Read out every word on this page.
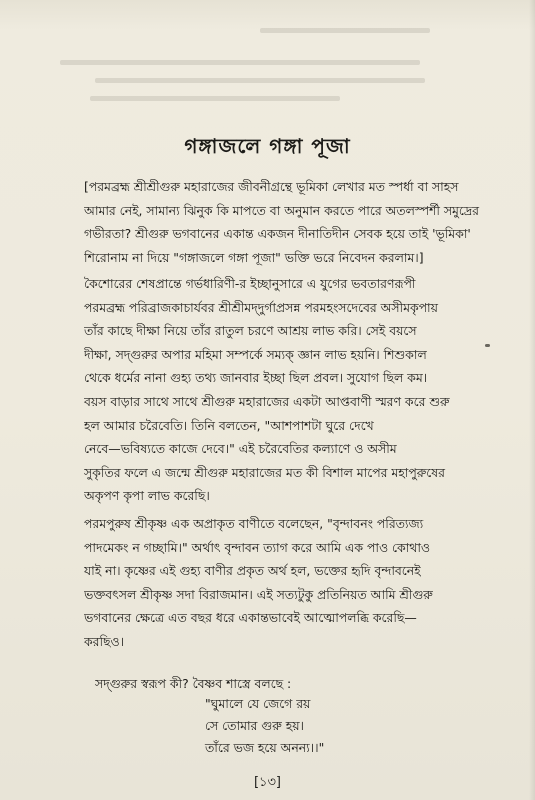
গঙ্গাজলে গঙ্গা পূজা
[পরমব্রহ্ম শ্রীশ্রীগুরু মহারাজের জীবনীগ্রন্থে ভূমিকা লেখার মত স্পর্ধা বা সাহস
আমার নেই, সামান্য ঝিনুক কি মাপতে বা অনুমান করতে পারে অতলস্পর্শী সমুদ্রের
গভীরতা? শ্রীগুরু ভগবানের একান্ত একজন দীনাতিদীন সেবক হয়ে তাই 'ভূমিকা'
শিরোনাম না দিয়ে "গঙ্গাজলে গঙ্গা পূজা" ভক্তি ভরে নিবেদন করলাম।]
কৈশোরের শেষপ্রান্তে গর্ভধারিণী-র ইচ্ছানুসারে এ যুগের ভবতারণরূপী
পরমব্রহ্ম পরিব্রাজকাচার্যবর শ্রীশ্রীমদ্‌দুর্গাপ্রসন্ন পরমহংসদেবের অসীমকৃপায়
তাঁর কাছে দীক্ষা নিয়ে তাঁর রাতুল চরণে আশ্রয় লাভ করি। সেই বয়সে
দীক্ষা, সদ্গুরুর অপার মহিমা সম্পর্কে সম্যক্‌ জ্ঞান লাভ হয়নি। শিশুকাল
থেকে ধর্মের নানা গুহ্য তথ্য জানবার ইচ্ছা ছিল প্রবল। সুযোগ ছিল কম।
বয়স বাড়ার সাথে সাথে শ্রীগুরু মহারাজের একটা আপ্তবাণী স্মরণ করে শুরু
হল আমার চরৈবেতি। তিনি বলতেন, "আশপাশটা ঘুরে দেখে
নেবে—ভবিষ্যতে কাজে দেবে।" এই চরৈবেতির কল্যাণে ও অসীম
সুকৃতির ফলে এ জন্মে শ্রীগুরু মহারাজের মত কী বিশাল মাপের মহাপুরুষের
অকৃপণ কৃপা লাভ করেছি।
পরমপুরুষ শ্রীকৃষ্ণ এক অপ্রাকৃত বাণীতে বলেছেন, "বৃন্দাবনং পরিত্যজ্য
পাদমেকং ন গচ্ছামি।" অর্থাৎ বৃন্দাবন ত্যাগ করে আমি এক পাও কোথাও
যাই না। কৃষ্ণের এই গুহ্য বাণীর প্রকৃত অর্থ হল, ভক্তের হৃদি বৃন্দাবনেই
ভক্তবৎসল শ্রীকৃষ্ণ সদা বিরাজমান। এই সত্যটুকু প্রতিনিয়ত আমি শ্রীগুরু
ভগবানের ক্ষেত্রে এত বছর ধরে একান্তভাবেই আত্মোপলব্ধি করেছি—
করছিও।
সদ্গুরুর স্বরূপ কী? বৈষ্ণব শাস্ত্রে বলছে :
"ঘুমালে যে জেগে রয়
সে তোমার গুরু হয়।
তাঁরে ভজ হয়ে অনন্য।।"
[১৩]
